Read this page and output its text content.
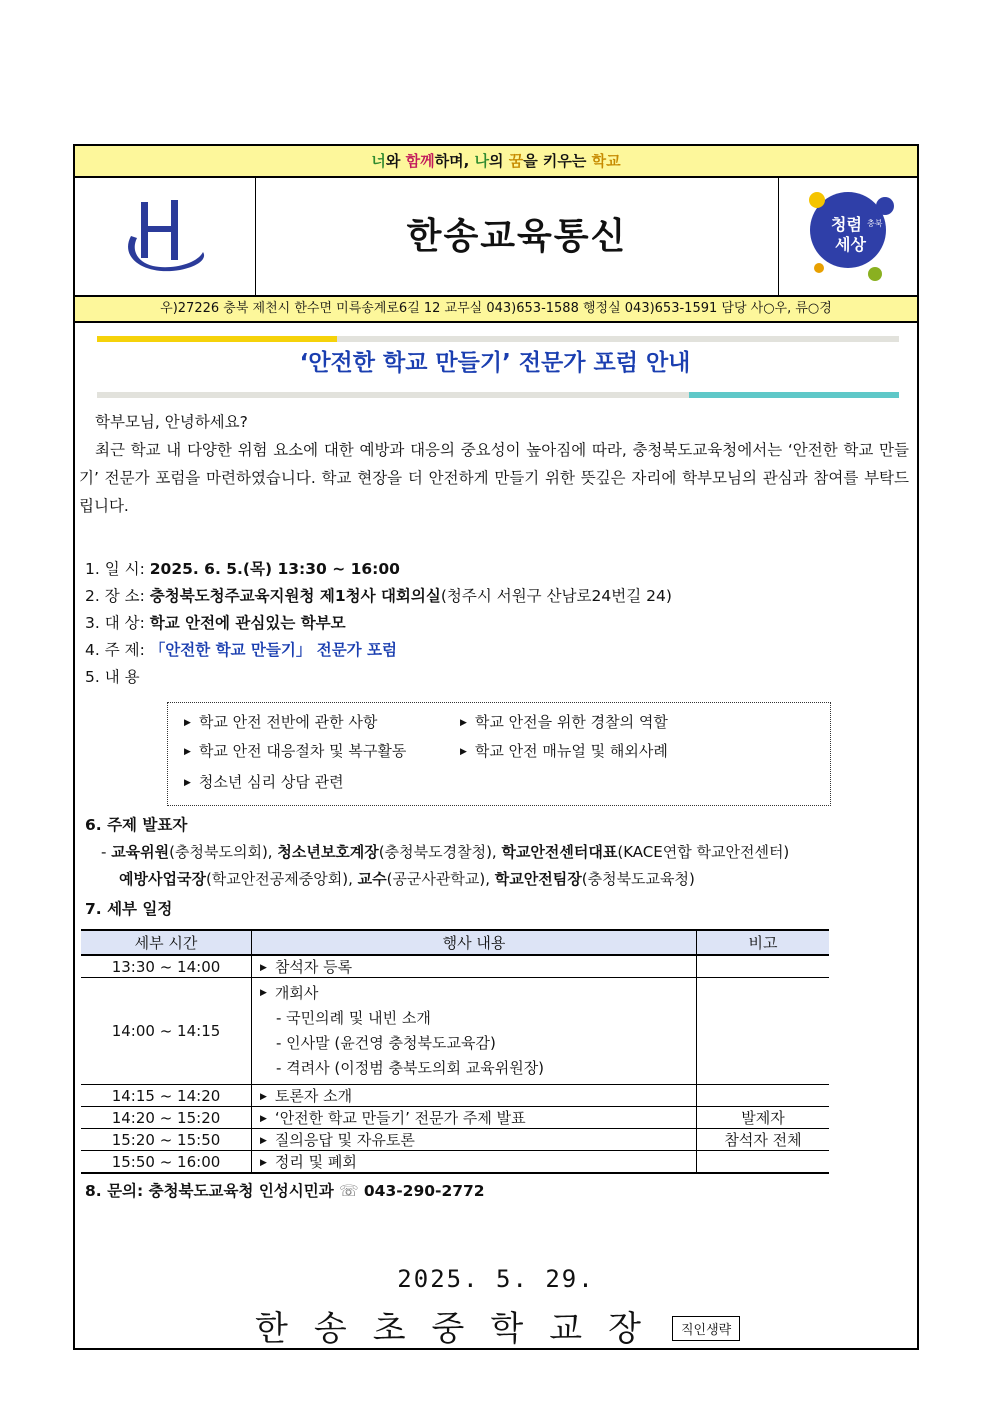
너와 함께하며, 나의 꿈을 키우는 학교
한송교육통신	청렴 충북
세상
우)27226 충북 제천시 한수면 미륵송계로6길 12 교무실 043)653-1588 행정실 043)653-1591 담당 사○우, 류○경
‘안전한 학교 만들기’ 전문가 포럼 안내
학부모님, 안녕하세요?
최근 학교 내 다양한 위험 요소에 대한 예방과 대응의 중요성이 높아짐에 따라, 충청북도교육청에서는 ‘안전한 학교 만들기’ 전문가 포럼을 마련하였습니다. 학교 현장을 더 안전하게 만들기 위한 뜻깊은 자리에 학부모님의 관심과 참여를 부탁드립니다.
1. 일 시: 2025. 6. 5.(목) 13:30 ~ 16:00
2. 장 소: 충청북도청주교육지원청 제1청사 대회의실(청주시 서원구 산남로24번길 24)
3. 대 상: 학교 안전에 관심있는 학부모
4. 주 제: 「안전한 학교 만들기」 전문가 포럼
5. 내 용
▶ 학교 안전 전반에 관한 사항	▶ 학교 안전을 위한 경찰의 역할
▶ 학교 안전 대응절차 및 복구활동	▶ 학교 안전 매뉴얼 및 해외사례
▶ 청소년 심리 상담 관련
6. 주제 발표자
- 교육위원(충청북도의회), 청소년보호계장(충청북도경찰청), 학교안전센터대표(KACE연합 학교안전센터)
예방사업국장(학교안전공제중앙회), 교수(공군사관학교), 학교안전팀장(충청북도교육청)
7. 세부 일정
세부 시간	행사 내용	비고
13:30 ~ 14:00	▶ 참석자 등록	
14:00 ~ 14:15	▶ 개회사
- 국민의례 및 내빈 소개
- 인사말 (윤건영 충청북도교육감)
- 격려사 (이정범 충북도의회 교육위원장)	

14:15 ~ 14:20	▶ 토론자 소개	
14:20 ~ 15:20	▶ ‘안전한 학교 만들기’ 전문가 주제 발표	발제자
15:20 ~ 15:50	▶ 질의응답 및 자유토론	참석자 전체
15:50 ~ 16:00	▶ 정리 및 폐회	
8. 문의: 충청북도교육청 인성시민과 ☏ 043-290-2772
2025. 5. 29.
한송초중학교장	직인생략
